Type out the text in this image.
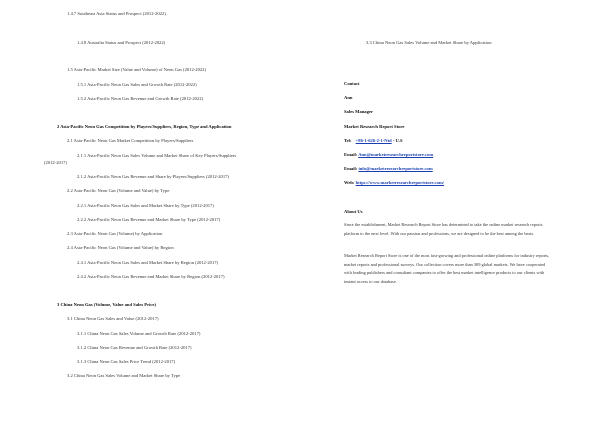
1.4.7 Southeast Asia Status and Prospect (2012-2022)
1.4.8 Australia Status and Prospect (2012-2022)
1.5 Asia-Pacific Market Size (Value and Volume) of Neon Gas (2012-2022)
1.5.1 Asia-Pacific Neon Gas Sales and Growth Rate (2012-2022)
1.5.2 Asia-Pacific Neon Gas Revenue and Growth Rate (2012-2022)
2 Asia-Pacific Neon Gas Competition by Players/Suppliers, Region, Type and Application
2.1 Asia-Pacific Neon Gas Market Competition by Players/Suppliers
2.1.1 Asia-Pacific Neon Gas Sales Volume and Market Share of Key Players/Suppliers
(2012-2017)
2.1.2 Asia-Pacific Neon Gas Revenue and Share by Players/Suppliers (2012-2017)
2.2 Asia-Pacific Neon Gas (Volume and Value) by Type
2.2.1 Asia-Pacific Neon Gas Sales and Market Share by Type (2012-2017)
2.2.2 Asia-Pacific Neon Gas Revenue and Market Share by Type (2012-2017)
2.3 Asia-Pacific Neon Gas (Volume) by Application
2.4 Asia-Pacific Neon Gas (Volume and Value) by Region
2.4.1 Asia-Pacific Neon Gas Sales and Market Share by Region (2012-2017)
2.4.2 Asia-Pacific Neon Gas Revenue and Market Share by Region (2012-2017)
3 China Neon Gas (Volume, Value and Sales Price)
3.1 China Neon Gas Sales and Value (2012-2017)
3.1.1 China Neon Gas Sales Volume and Growth Rate (2012-2017)
3.1.2 China Neon Gas Revenue and Growth Rate (2012-2017)
3.1.3 China Neon Gas Sales Price Trend (2012-2017)
3.2 China Neon Gas Sales Volume and Market Share by Type
3.3 China Neon Gas Sales Volume and Market Share by Application
Contact
Ann
Sales Manager
Market Research Report Store
Tel: +86-1-626-2-1-Ntd - U.S
Email: Ann@marketresearchreportstore.com
Email: info@marketresearchreportstore.com
Web: https://www.marketresearchreportstore.com/
About Us
Since the establishment, Market Research Report Store has determined to take the online market research reports platform to the next level. With our passion and professions, we are designed to be the best among the bests.
Market Research Report Store is one of the most fast-growing and professional online platforms for industry reports, market reports and professional surveys. Our collection covers more than 309 global markets. We have cooperated with leading publishers and consultant companies to offer the best market intelligence products to our clients with instant access to our database.
